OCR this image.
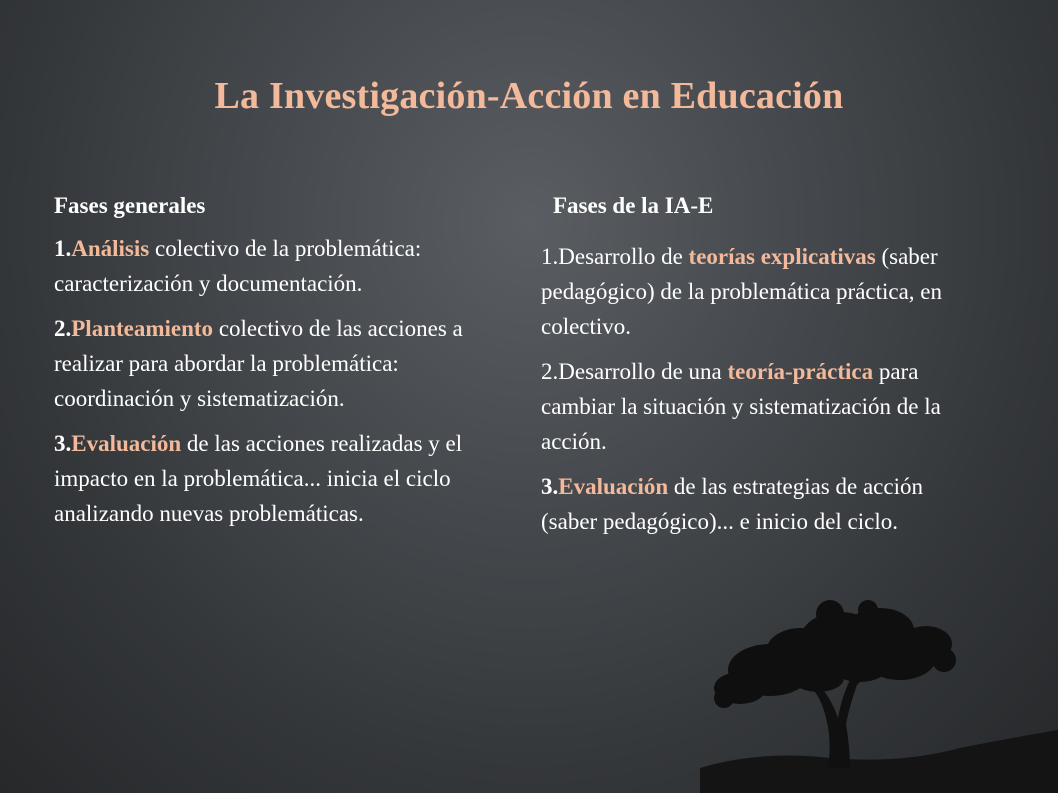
La Investigación-Acción en Educación
Fases generales
1.Análisis colectivo de la problemática: caracterización y documentación.
2.Planteamiento colectivo de las acciones a realizar para abordar la problemática: coordinación y sistematización.
3.Evaluación de las acciones realizadas y el impacto en la problemática... inicia el ciclo analizando nuevas problemáticas.
Fases de la IA-E
1.Desarrollo de teorías explicativas (saber pedagógico) de la problemática práctica, en colectivo.
2.Desarrollo de una teoría-práctica para cambiar la situación y sistematización de la acción.
3.Evaluación de las estrategias de acción (saber pedagógico)... e inicio del ciclo.
